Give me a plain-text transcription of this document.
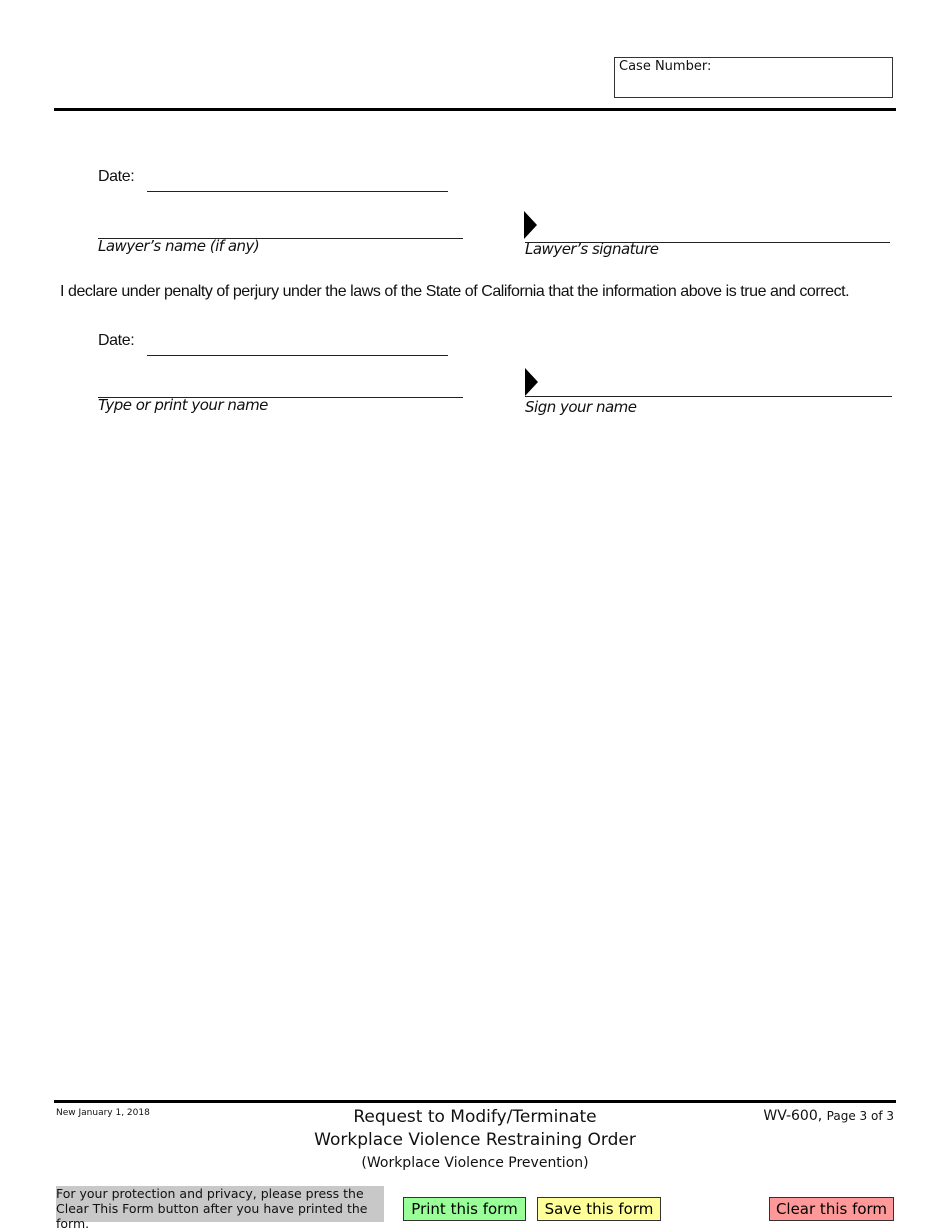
Case Number:
Date:
Lawyer’s name (if any)	Lawyer’s signature
I declare under penalty of perjury under the laws of the State of California that the information above is true and correct.
Date:
Type or print your name	Sign your name
New January 1, 2018	Request to Modify/Terminate
Workplace Violence Restraining Order
(Workplace Violence Prevention)
WV-600, Page 3 of 3
For your protection and privacy, please press the Clear This Form button after you have printed the form.
Print this form	Save this form	Clear this form
